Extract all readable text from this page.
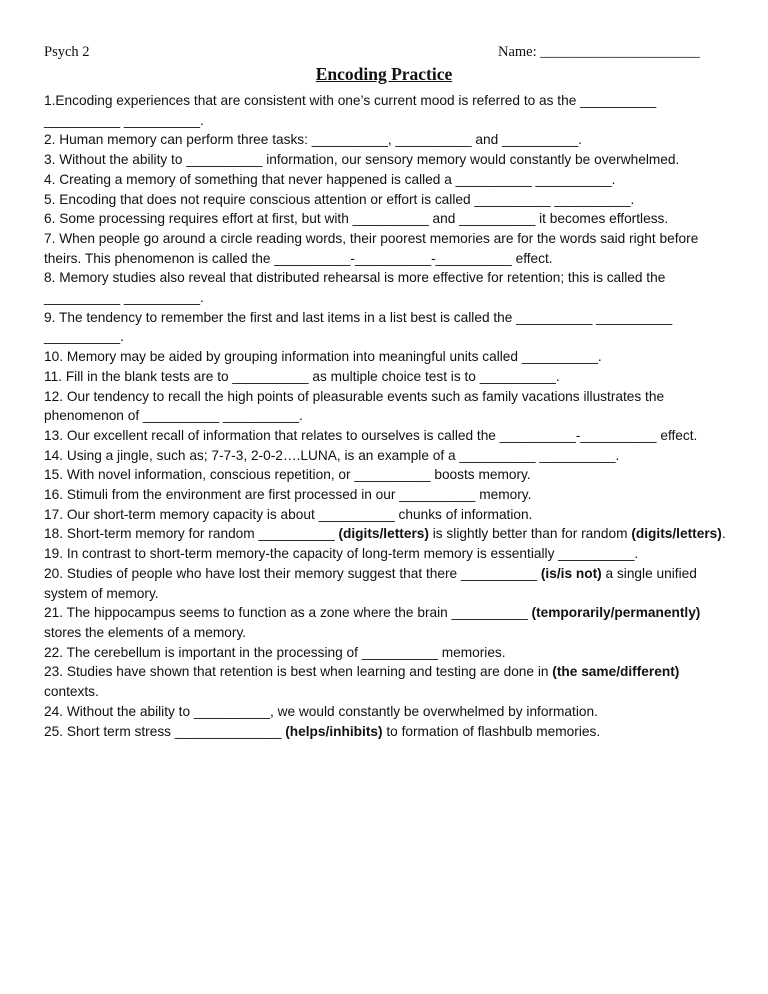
Psych 2	Name: ______________________
Encoding Practice

1.Encoding experiences that are consistent with one’s current mood is referred to as the __________ __________ __________.

2. Human memory can perform three tasks: __________, __________ and __________.

3. Without the ability to __________ information, our sensory memory would constantly be overwhelmed.

4. Creating a memory of something that never happened is called a __________ __________.

5. Encoding that does not require conscious attention or effort is called __________ __________.

6. Some processing requires effort at first, but with __________ and __________ it becomes effortless.

7. When people go around a circle reading words, their poorest memories are for the words said right before theirs. This phenomenon is called the __________-__________-__________ effect.

8. Memory studies also reveal that distributed rehearsal is more effective for retention; this is called the __________ __________.

9. The tendency to remember the first and last items in a list best is called the __________ __________ __________.

10. Memory may be aided by grouping information into meaningful units called __________.

11. Fill in the blank tests are to __________ as multiple choice test is to __________.

12. Our tendency to recall the high points of pleasurable events such as family vacations illustrates the phenomenon of __________ __________.

13. Our excellent recall of information that relates to ourselves is called the __________-__________ effect.

14. Using a jingle, such as; 7-7-3, 2-0-2….LUNA, is an example of a __________ __________.

15. With novel information, conscious repetition, or __________ boosts memory.

16. Stimuli from the environment are first processed in our __________ memory.

17. Our short-term memory capacity is about __________ chunks of information.

18. Short-term memory for random __________ (digits/letters) is slightly better than for random (digits/letters).

19. In contrast to short-term memory-the capacity of long-term memory is essentially __________.

20. Studies of people who have lost their memory suggest that there __________ (is/is not) a single unified system of memory.

21. The hippocampus seems to function as a zone where the brain __________ (temporarily/permanently) stores the elements of a memory.

22. The cerebellum is important in the processing of __________ memories.

23. Studies have shown that retention is best when learning and testing are done in (the same/different) contexts.

24. Without the ability to __________, we would constantly be overwhelmed by information.

25. Short term stress ______________ (helps/inhibits) to formation of flashbulb memories.
